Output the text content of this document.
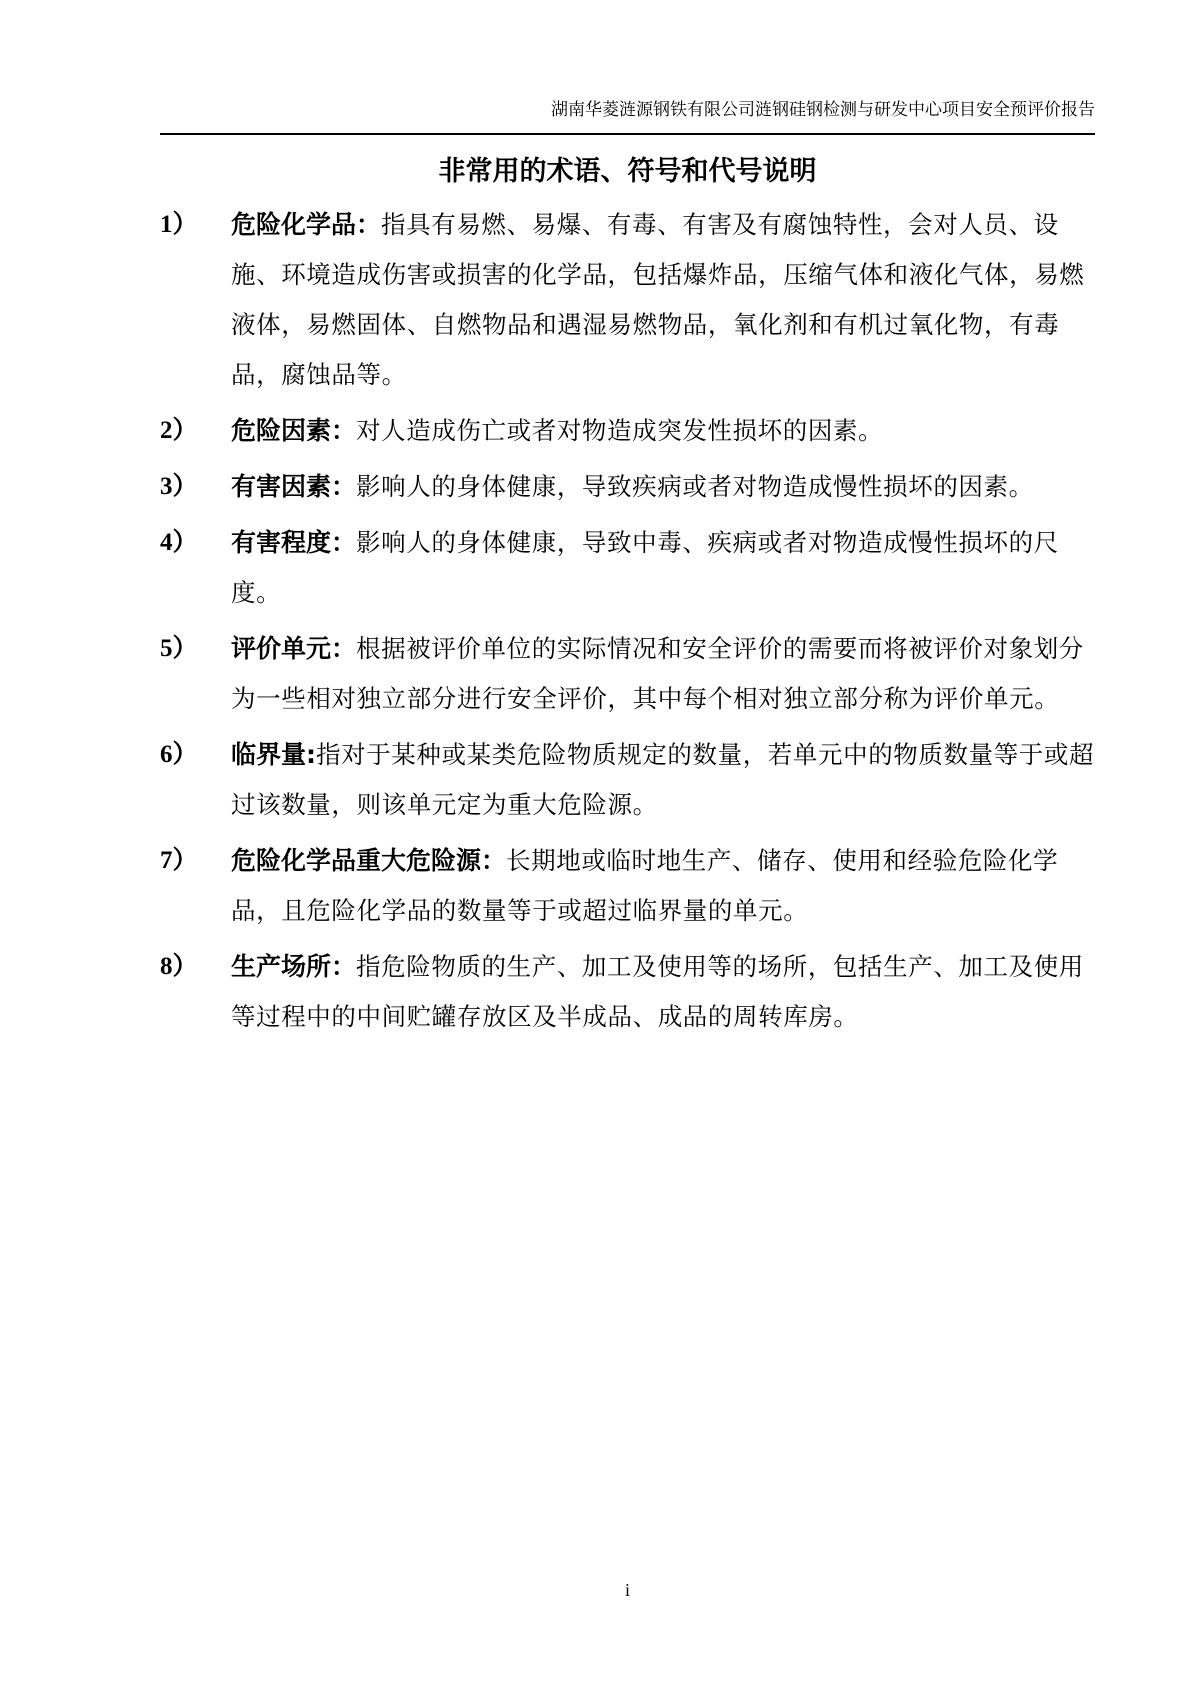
湖南华菱涟源钢铁有限公司涟钢硅钢检测与研发中心项目安全预评价报告
非常用的术语、符号和代号说明
1） 危险化学品：指具有易燃、易爆、有毒、有害及有腐蚀特性，会对人员、设施、环境造成伤害或损害的化学品，包括爆炸品，压缩气体和液化气体，易燃液体，易燃固体、自燃物品和遇湿易燃物品，氧化剂和有机过氧化物，有毒品，腐蚀品等。
2） 危险因素：对人造成伤亡或者对物造成突发性损坏的因素。
3） 有害因素：影响人的身体健康，导致疾病或者对物造成慢性损坏的因素。
4） 有害程度：影响人的身体健康，导致中毒、疾病或者对物造成慢性损坏的尺度。
5） 评价单元：根据被评价单位的实际情况和安全评价的需要而将被评价对象划分为一些相对独立部分进行安全评价，其中每个相对独立部分称为评价单元。
6） 临界量:指对于某种或某类危险物质规定的数量，若单元中的物质数量等于或超过该数量，则该单元定为重大危险源。
7） 危险化学品重大危险源：长期地或临时地生产、储存、使用和经验危险化学品，且危险化学品的数量等于或超过临界量的单元。
8） 生产场所：指危险物质的生产、加工及使用等的场所，包括生产、加工及使用等过程中的中间贮罐存放区及半成品、成品的周转库房。
i
